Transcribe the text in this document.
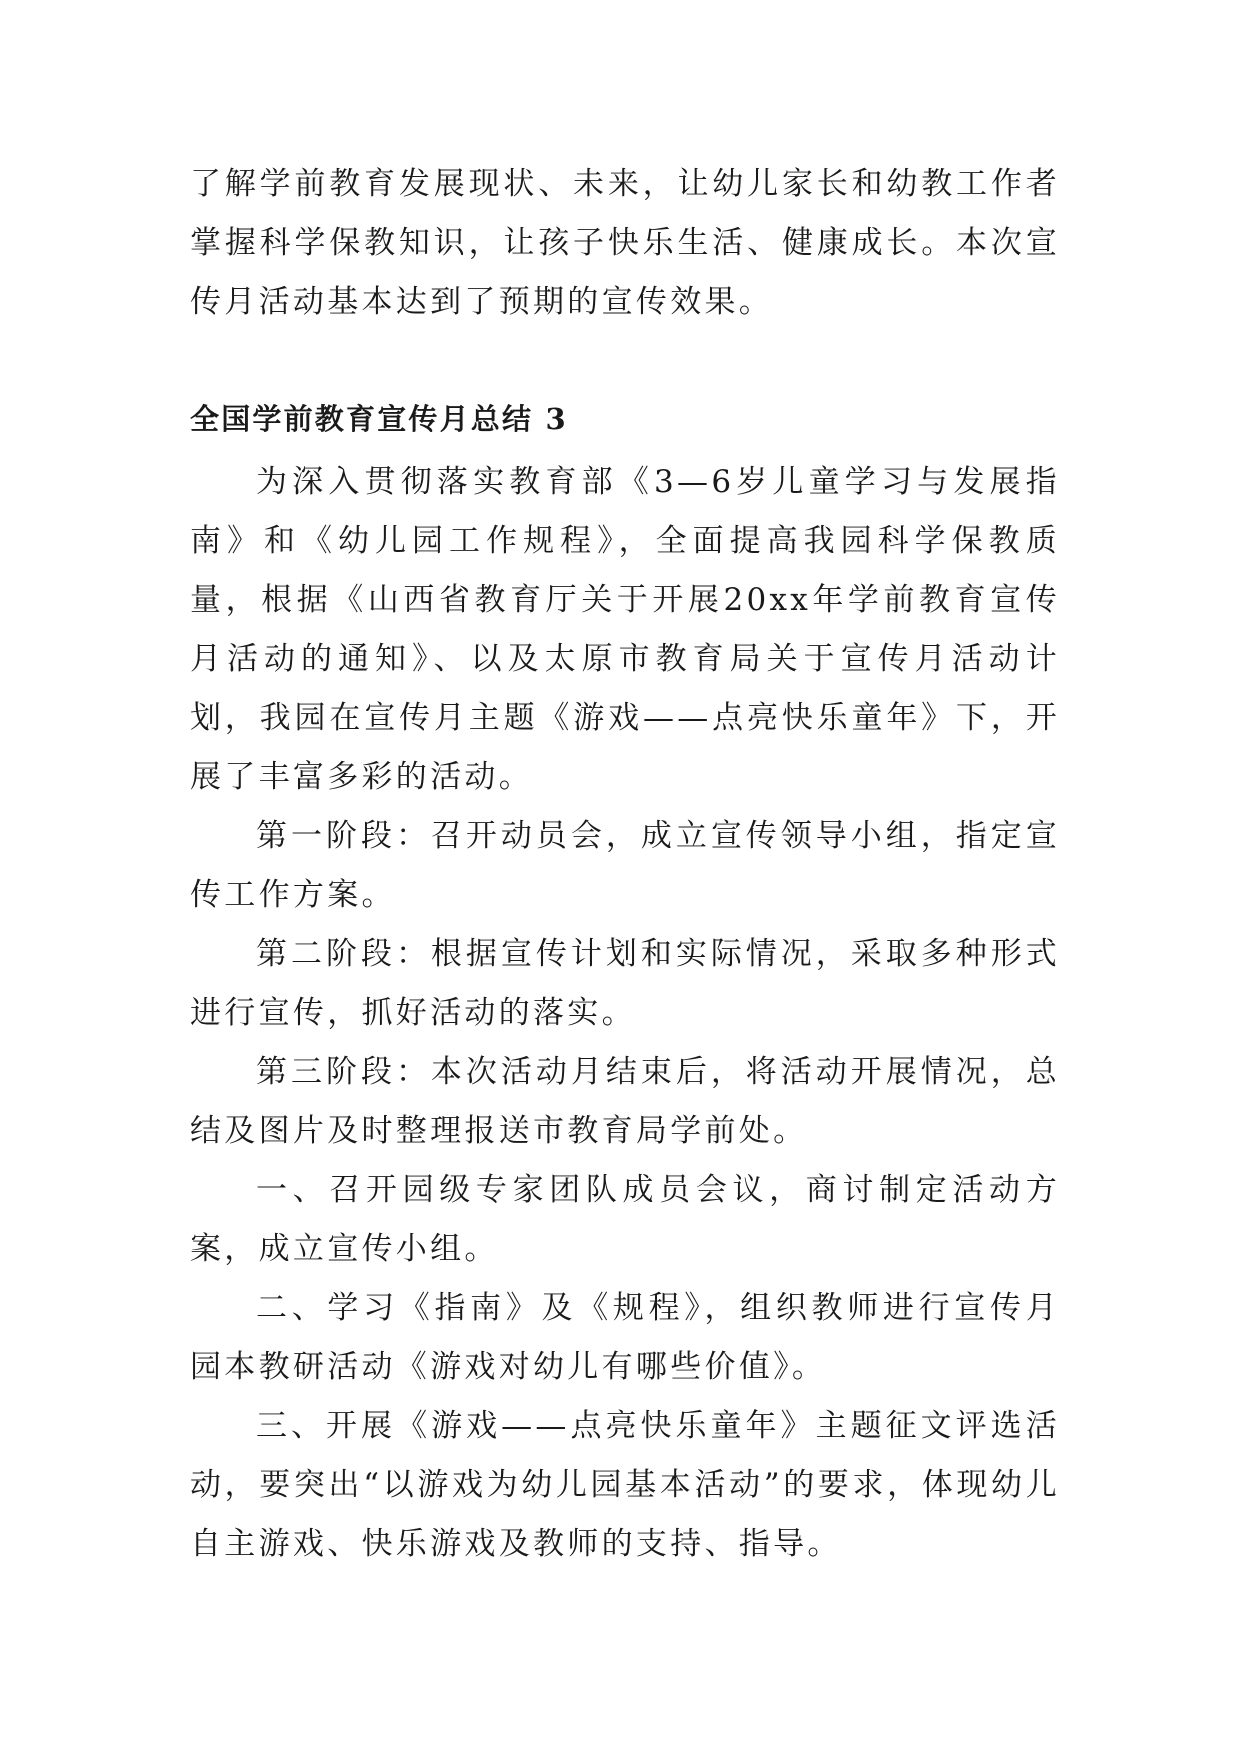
了解学前教育发展现状、未来，让幼儿家长和幼教工作者掌握科学保教知识，让孩子快乐生活、健康成长。本次宣传月活动基本达到了预期的宣传效果。

全国学前教育宣传月总结 3

为深入贯彻落实教育部《3—6岁儿童学习与发展指南》和《幼儿园工作规程》，全面提高我园科学保教质量，根据《山西省教育厅关于开展20xx年学前教育宣传月活动的通知》、以及太原市教育局关于宣传月活动计划，我园在宣传月主题《游戏——点亮快乐童年》下，开展了丰富多彩的活动。

第一阶段：召开动员会，成立宣传领导小组，指定宣传工作方案。

第二阶段：根据宣传计划和实际情况，采取多种形式进行宣传，抓好活动的落实。

第三阶段：本次活动月结束后，将活动开展情况，总结及图片及时整理报送市教育局学前处。

一、召开园级专家团队成员会议，商讨制定活动方案，成立宣传小组。

二、学习《指南》及《规程》，组织教师进行宣传月园本教研活动《游戏对幼儿有哪些价值》。

三、开展《游戏——点亮快乐童年》主题征文评选活动，要突出“以游戏为幼儿园基本活动”的要求，体现幼儿自主游戏、快乐游戏及教师的支持、指导。
